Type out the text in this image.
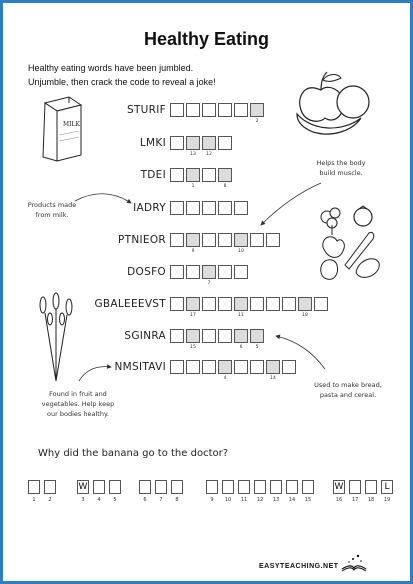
Healthy Eating
Healthy eating words have been jumbled.
Unjumble, then crack the code to reveal a joke!
MILK
Helps the body
build muscle.
Products made
from milk.
Found in fruit and
vegetables. Help keep
our bodies healthy.
Used to make bread,
pasta and cereal.
STURIF
2
LMKI
13	12
TDEI
1	8
IADRY
PTNIEOR
9	10
DOSFO
7
GBALEEEVST
17	11	18
SGINRA
15	6	5
NMSITAVI
4	14
Why did the banana go to the doctor?
1	2
W
3	4	5	6	7	8	9	10	11	12	13	14	15
W
16	17	18
L
19
EASYTEACHING.NET
